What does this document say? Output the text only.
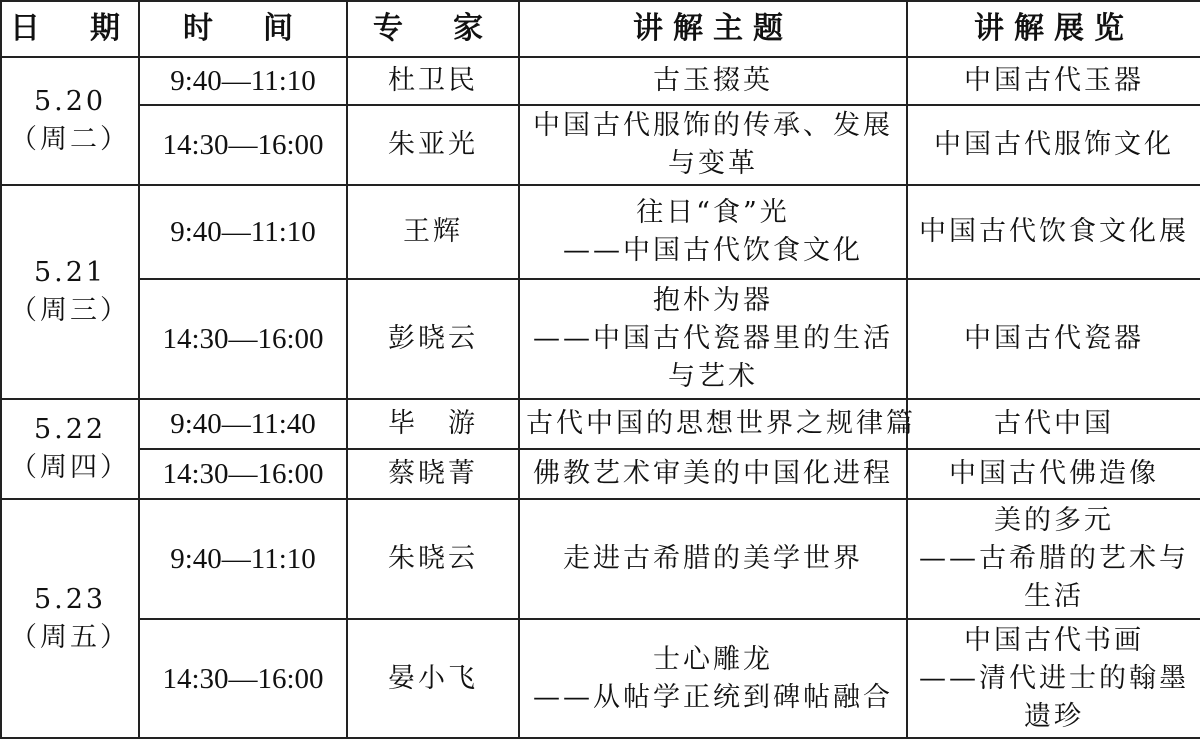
日　期	时　间	专　家	讲解主题	讲解展览

5.20
（周二）	9:40—11:10	杜卫民	古玉掇英	中国古代玉器

	14:30—16:00	朱亚光	中国古代服饰的传承、发展
与变革	中国古代服饰文化

5.21
（周三）	9:40—11:10	王辉	往日“食”光
——中国古代饮食文化	中国古代饮食文化展

	14:30—16:00	彭晓云	抱朴为器
——中国古代瓷器里的生活
与艺术	中国古代瓷器

5.22
（周四）	9:40—11:40	毕　游	古代中国的思想世界之规律篇	古代中国

	14:30—16:00	蔡晓菁	佛教艺术审美的中国化进程	中国古代佛造像

5.23
（周五）	9:40—11:10	朱晓云	走进古希腊的美学世界	美的多元
——古希腊的艺术与
生活

	14:30—16:00	晏小飞	士心雕龙
——从帖学正统到碑帖融合	中国古代书画
——清代进士的翰墨
遗珍
